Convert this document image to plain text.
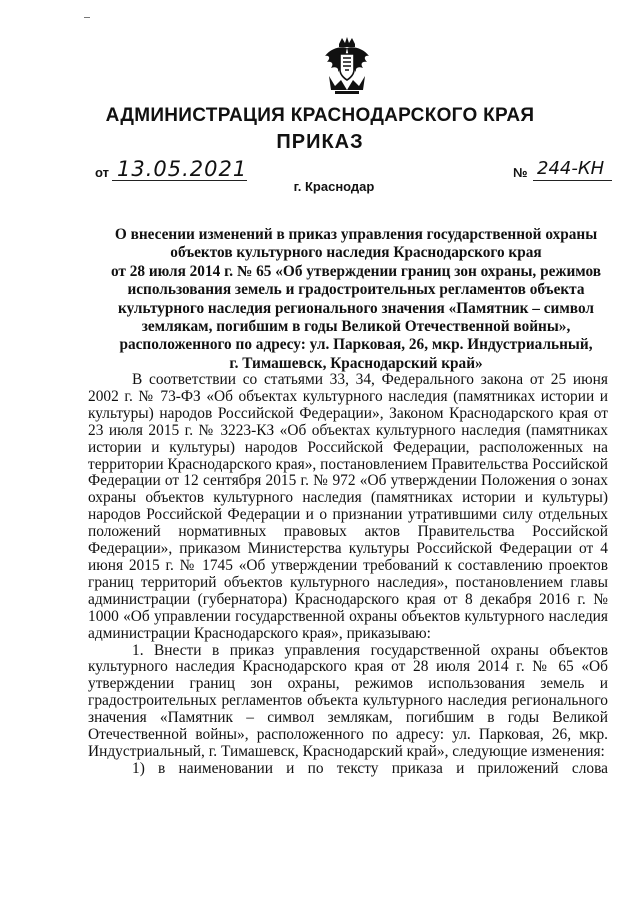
АДМИНИСТРАЦИЯ КРАСНОДАРСКОГО КРАЯ
ПРИКАЗ
от 13.05.2021	№ 244-КН
г. Краснодар
О внесении изменений в приказ управления государственной охраны
объектов культурного наследия Краснодарского края
от 28 июля 2014 г. № 65 «Об утверждении границ зон охраны, режимов
использования земель и градостроительных регламентов объекта
культурного наследия регионального значения «Памятник – символ
землякам, погибшим в годы Великой Отечественной войны»,
расположенного по адресу: ул. Парковая, 26, мкр. Индустриальный,
г. Тимашевск, Краснодарский край»

В соответствии со статьями 33, 34, Федерального закона от 25 июня 2002 г. № 73-ФЗ «Об объектах культурного наследия (памятниках истории и культуры) народов Российской Федерации», Законом Краснодарского края от 23 июля 2015 г. № 3223-КЗ «Об объектах культурного наследия (памятниках истории и культуры) народов Российской Федерации, расположенных на территории Краснодарского края», постановлением Правительства Российской Федерации от 12 сентября 2015 г. № 972 «Об утверждении Положения о зонах охраны объектов культурного наследия (памятниках истории и культуры) народов Российской Федерации и о признании утратившими силу отдельных положений нормативных правовых актов Правительства Российской Федерации», приказом Министерства культуры Российской Федерации от 4 июня 2015 г. № 1745 «Об утверждении требований к составлению проектов границ территорий объектов культурного наследия», постановлением главы администрации (губернатора) Краснодарского края от 8 декабря 2016 г. № 1000 «Об управлении государственной охраны объектов культурного наследия администрации Краснодарского края», приказываю:

1. Внести в приказ управления государственной охраны объектов культурного наследия Краснодарского края от 28 июля 2014 г. № 65 «Об утверждении границ зон охраны, режимов использования земель и градостроительных регламентов объекта культурного наследия регионального значения «Памятник – символ землякам, погибшим в годы Великой Отечественной войны», расположенного по адресу: ул. Парковая, 26, мкр. Индустриальный, г. Тимашевск, Краснодарский край», следующие изменения:

1) в наименовании и по тексту приказа и приложений слова
